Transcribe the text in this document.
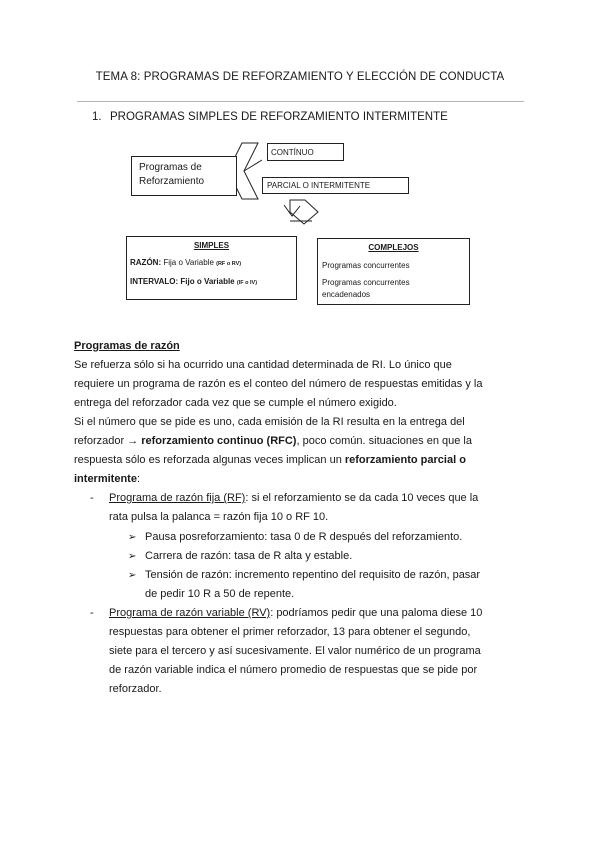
TEMA 8: PROGRAMAS DE REFORZAMIENTO Y ELECCIÓN DE CONDUCTA
1. PROGRAMAS SIMPLES DE REFORZAMIENTO INTERMITENTE
Programas de
Reforzamiento
CONTÍNUO
PARCIAL O INTERMITENTE
SIMPLES
RAZÓN: Fija o Variable (RF o RV)
INTERVALO: Fijo o Variable (IF o IV)
COMPLEJOS
Programas concurrentes
Programas concurrentes
encadenados
Programas de razón
Se refuerza sólo si ha ocurrido una cantidad determinada de RI. Lo único que
requiere un programa de razón es el conteo del número de respuestas emitidas y la
entrega del reforzador cada vez que se cumple el número exigido.
Si el número que se pide es uno, cada emisión de la RI resulta en la entrega del
reforzador → reforzamiento continuo (RFC), poco común. situaciones en que la
respuesta sólo es reforzada algunas veces implican un reforzamiento parcial o
intermitente:
- Programa de razón fija (RF): si el reforzamiento se da cada 10 veces que la
rata pulsa la palanca = razón fija 10 o RF 10.
➢ Pausa posreforzamiento: tasa 0 de R después del reforzamiento.
➢ Carrera de razón: tasa de R alta y estable.
➢ Tensión de razón: incremento repentino del requisito de razón, pasar
de pedir 10 R a 50 de repente.
- Programa de razón variable (RV): podríamos pedir que una paloma diese 10
respuestas para obtener el primer reforzador, 13 para obtener el segundo,
siete para el tercero y así sucesivamente. El valor numérico de un programa
de razón variable indica el número promedio de respuestas que se pide por
reforzador.
